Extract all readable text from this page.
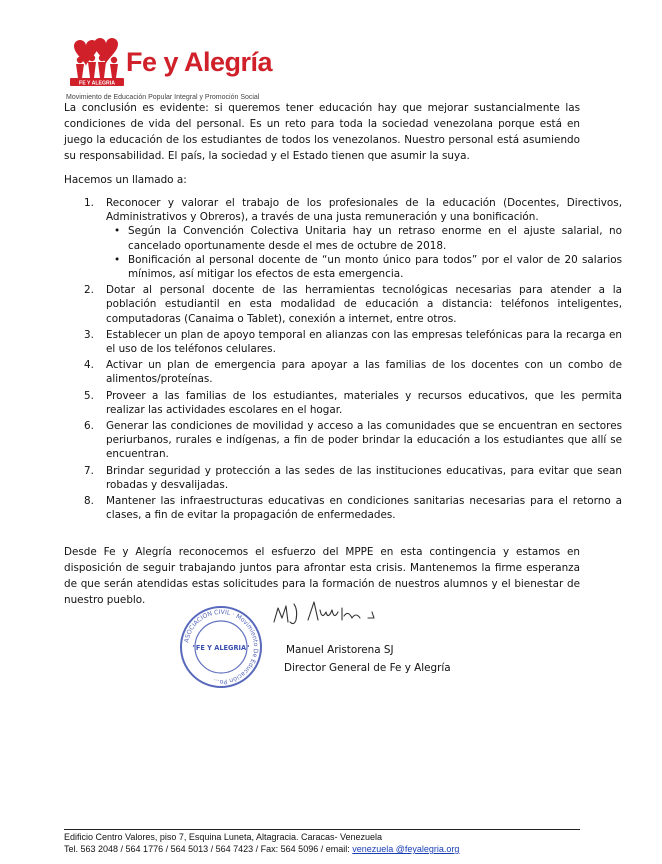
FE Y ALEGRIA
Fe y Alegría
Movimiento de Educación Popular Integral y Promoción Social

La conclusión es evidente: si queremos tener educación hay que mejorar sustancialmente las condiciones de vida del personal. Es un reto para toda la sociedad venezolana porque está en juego la educación de los estudiantes de todos los venezolanos. Nuestro personal está asumiendo su responsabilidad. El país, la sociedad y el Estado tienen que asumir la suya.

Hacemos un llamado a:

1. Reconocer y valorar el trabajo de los profesionales de la educación (Docentes, Directivos, Administrativos y Obreros), a través de una justa remuneración y una bonificación.
• Según la Convención Colectiva Unitaria hay un retraso enorme en el ajuste salarial, no cancelado oportunamente desde el mes de octubre de 2018.
• Bonificación al personal docente de “un monto único para todos” por el valor de 20 salarios mínimos, así mitigar los efectos de esta emergencia.
2. Dotar al personal docente de las herramientas tecnológicas necesarias para atender a la población estudiantil en esta modalidad de educación a distancia: teléfonos inteligentes, computadoras (Canaima o Tablet), conexión a internet, entre otros.
3. Establecer un plan de apoyo temporal en alianzas con las empresas telefónicas para la recarga en el uso de los teléfonos celulares.
4. Activar un plan de emergencia para apoyar a las familias de los docentes con un combo de alimentos/proteínas.
5. Proveer a las familias de los estudiantes, materiales y recursos educativos, que les permita realizar las actividades escolares en el hogar.
6. Generar las condiciones de movilidad y acceso a las comunidades que se encuentran en sectores periurbanos, rurales e indígenas, a fin de poder brindar la educación a los estudiantes que allí se encuentran.
7. Brindar seguridad y protección a las sedes de las instituciones educativas, para evitar que sean robadas y desvalijadas.
8. Mantener las infraestructuras educativas en condiciones sanitarias necesarias para el retorno a clases, a fin de evitar la propagación de enfermedades.

Desde Fe y Alegría reconocemos el esfuerzo del MPPE en esta contingencia y estamos en disposición de seguir trabajando juntos para afrontar esta crisis. Mantenemos la firme esperanza de que serán atendidas estas solicitudes para la formación de nuestros alumnos y el bienestar de nuestro pueblo.

ASOCIACION CIVIL · Movimiento De Educación Po...
"FE Y ALEGRIA"	Manuel Aristorena SJ
Director General de Fe y Alegría
Edificio Centro Valores, piso 7, Esquina Luneta, Altagracia. Caracas- Venezuela
Tel. 563 2048 / 564 1776 / 564 5013 / 564 7423 / Fax: 564 5096 / email: venezuela @feyalegria.org
